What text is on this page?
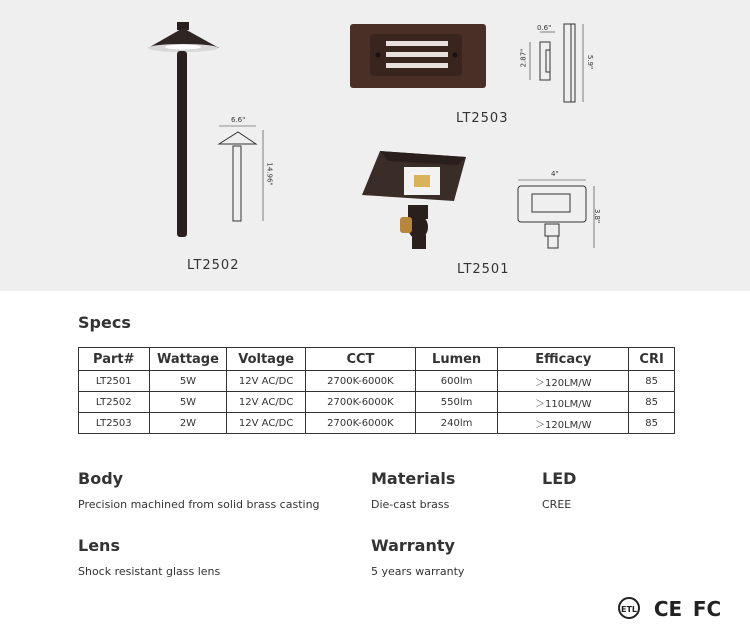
6.6"
14.96"
LT2502
LT2503
0.6"
2.87"	5.9"
LT2501
4"
3.8"
Specs
Part#	Wattage	Voltage	CCT	Lumen	Efficacy	CRI
LT2501	5W	12V AC/DC	2700K-6000K	600lm	＞120LM/W	85
LT2502	5W	12V AC/DC	2700K-6000K	550lm	＞110LM/W	85
LT2503	2W	12V AC/DC	2700K-6000K	240lm	＞120LM/W	85
Body

Precision machined from solid brass casting

Materials

Die-cast brass

LED

CREE

Lens

Shock resistant glass lens

Warranty

5 years warranty

ETL CE FC
